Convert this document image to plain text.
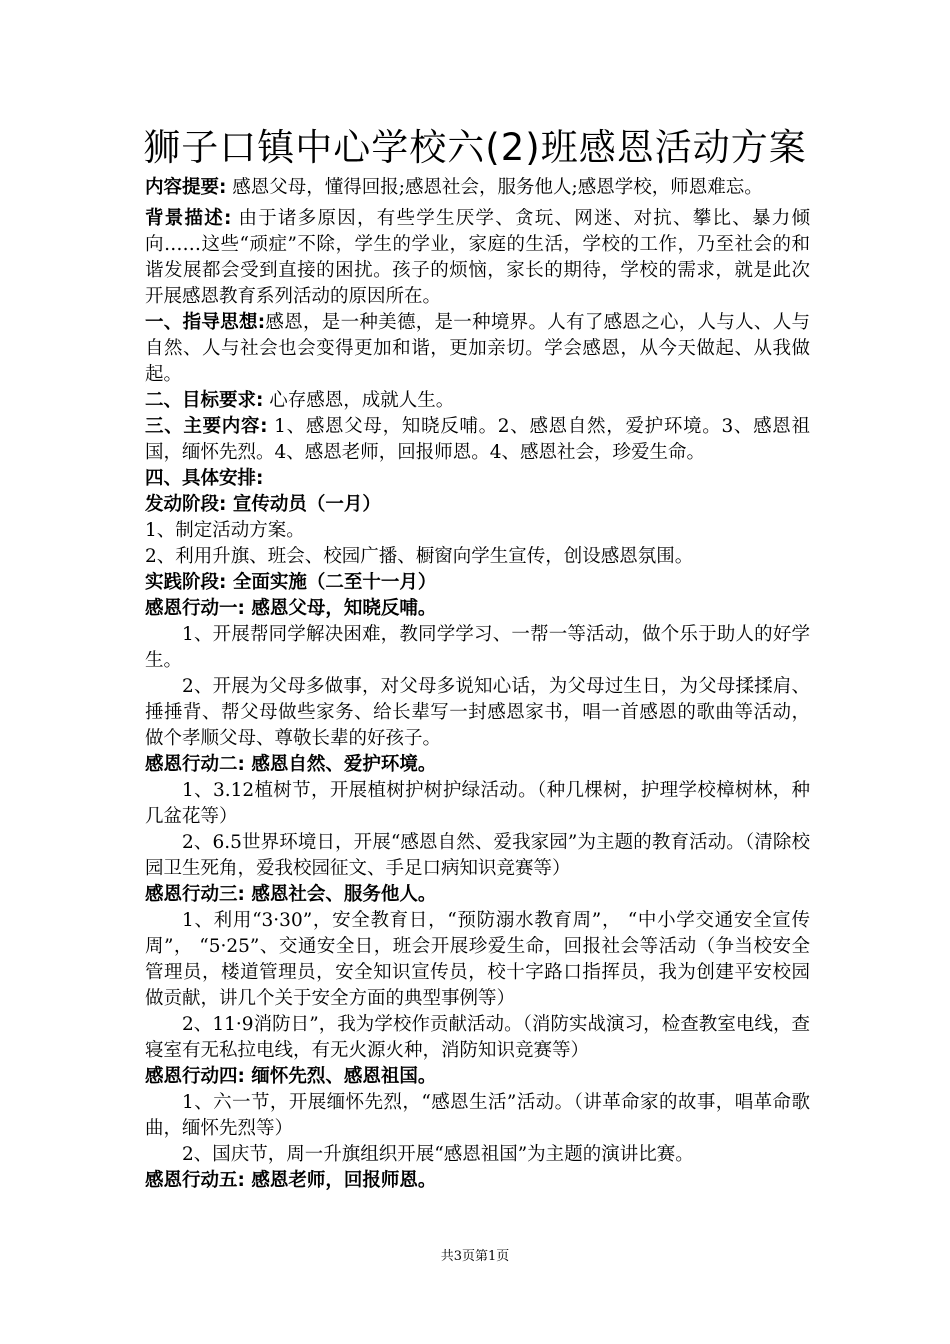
狮子口镇中心学校六(2)班感恩活动方案

内容提要: 感恩父母，懂得回报;感恩社会，服务他人;感恩学校，师恩难忘。

背景描述: 由于诸多原因，有些学生厌学、贪玩、网迷、对抗、攀比、暴力倾向……这些“顽症”不除，学生的学业，家庭的生活，学校的工作，乃至社会的和谐发展都会受到直接的困扰。孩子的烦恼，家长的期待，学校的需求，就是此次开展感恩教育系列活动的原因所在。

一、指导思想:感恩，是一种美德，是一种境界。人有了感恩之心，人与人、人与自然、人与社会也会变得更加和谐，更加亲切。学会感恩，从今天做起、从我做起。

二、目标要求: 心存感恩，成就人生。

三、主要内容: 1、感恩父母，知晓反哺。2、感恩自然，爱护环境。3、感恩祖国，缅怀先烈。4、感恩老师，回报师恩。4、感恩社会，珍爱生命。

四、具体安排:

发动阶段: 宣传动员（一月）

1、制定活动方案。

2、利用升旗、班会、校园广播、橱窗向学生宣传，创设感恩氛围。

实践阶段: 全面实施（二至十一月）

感恩行动一: 感恩父母，知晓反哺。

1、开展帮同学解决困难，教同学学习、一帮一等活动，做个乐于助人的好学生。

2、开展为父母多做事，对父母多说知心话，为父母过生日，为父母揉揉肩、捶捶背、帮父母做些家务、给长辈写一封感恩家书，唱一首感恩的歌曲等活动，做个孝顺父母、尊敬长辈的好孩子。

感恩行动二: 感恩自然、爱护环境。

1、3.12植树节，开展植树护树护绿活动。（种几棵树，护理学校樟树林，种几盆花等）

2、6.5世界环境日，开展“感恩自然、爱我家园”为主题的教育活动。（清除校园卫生死角，爱我校园征文、手足口病知识竞赛等）

感恩行动三: 感恩社会、服务他人。

1、利用“3·30”，安全教育日，“预防溺水教育周”， “中小学交通安全宣传周”， “5·25”、交通安全日，班会开展珍爱生命，回报社会等活动（争当校安全管理员，楼道管理员，安全知识宣传员，校十字路口指挥员，我为创建平安校园做贡献，讲几个关于安全方面的典型事例等）

2、11·9消防日”，我为学校作贡献活动。（消防实战演习，检查教室电线，查寝室有无私拉电线，有无火源火种，消防知识竞赛等）

感恩行动四: 缅怀先烈、感恩祖国。

1、六一节，开展缅怀先烈，“感恩生活”活动。（讲革命家的故事，唱革命歌曲，缅怀先烈等）

2、国庆节，周一升旗组织开展“感恩祖国”为主题的演讲比赛。

感恩行动五: 感恩老师，回报师恩。

共3页第1页
